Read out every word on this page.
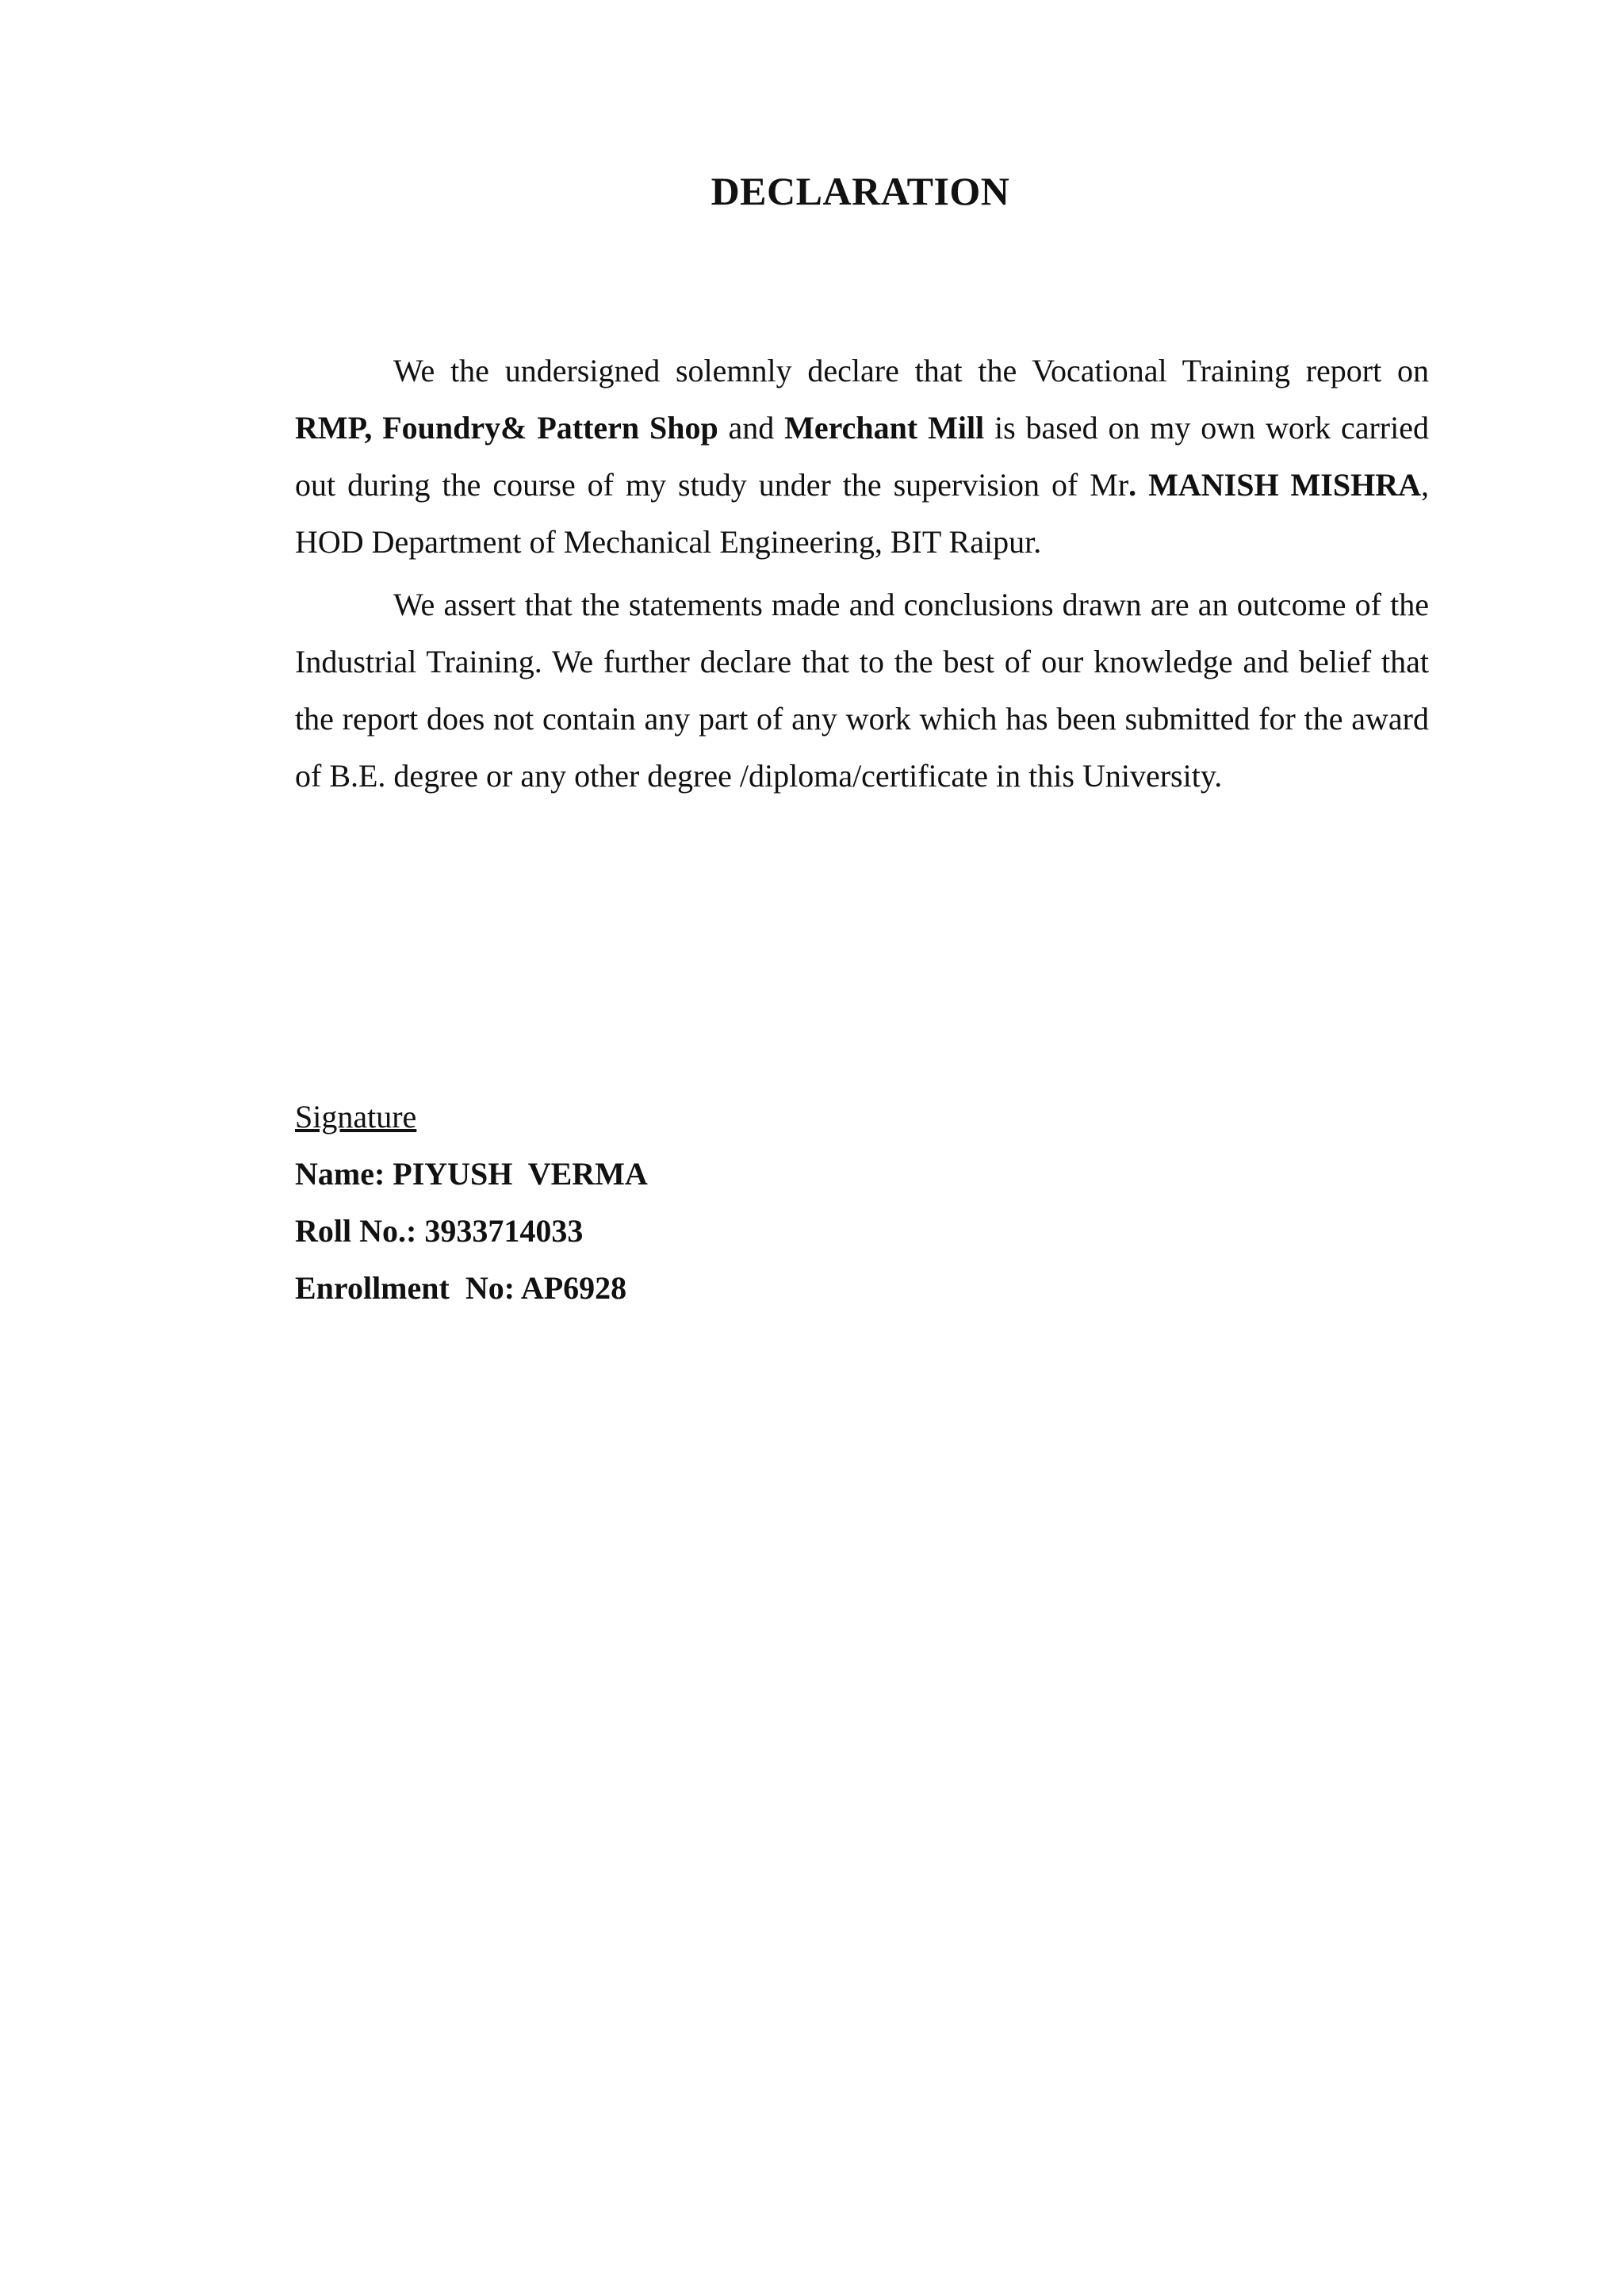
DECLARATION

We the undersigned solemnly declare that the Vocational Training report on RMP, Foundry& Pattern Shop and Merchant Mill is based on my own work carried out during the course of my study under the supervision of Mr. MANISH MISHRA, HOD Department of Mechanical Engineering, BIT Raipur.

We assert that the statements made and conclusions drawn are an outcome of the Industrial Training. We further declare that to the best of our knowledge and belief that the report does not contain any part of any work which has been submitted for the award of B.E. degree or any other degree /diploma/certificate in this University.

Signature
Name: PIYUSH  VERMA
Roll No.: 3933714033
Enrollment  No: AP6928
